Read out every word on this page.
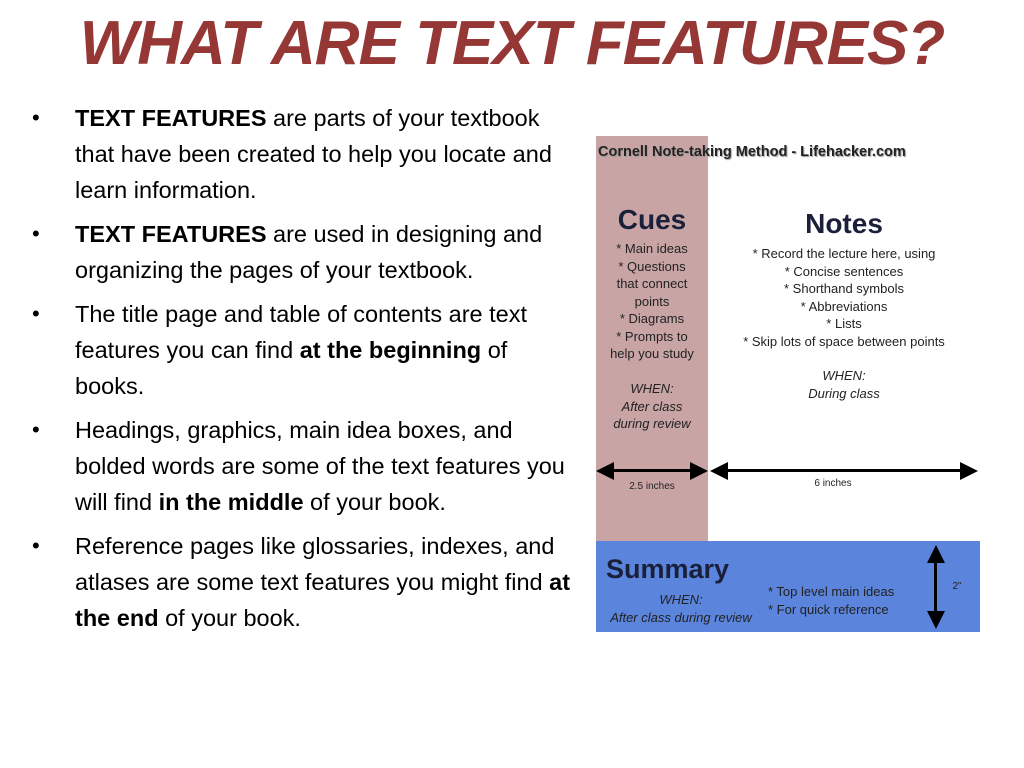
WHAT ARE TEXT FEATURES?
• TEXT FEATURES are parts of your textbook that have been created to help you locate and learn information.
• TEXT FEATURES are used in designing and organizing the pages of your textbook.
• The title page and table of contents are text features you can find at the beginning of books.
• Headings, graphics, main idea boxes, and bolded words are some of the text features you will find in the middle of your book.
• Reference pages like glossaries, indexes, and atlases are some text features you might find at the end of your book.
Cornell Note-taking Method - Lifehacker.com
Cues
* Main ideas
* Questions
that connect
points
* Diagrams
* Prompts to
help you study
WHEN:
After class
during review
Notes
* Record the lecture here, using
* Concise sentences
* Shorthand symbols
* Abbreviations
* Lists
* Skip lots of space between points
WHEN:
During class
2.5 inches	6 inches
Summary
WHEN:
After class during review
* Top level main ideas
* For quick reference
2"
